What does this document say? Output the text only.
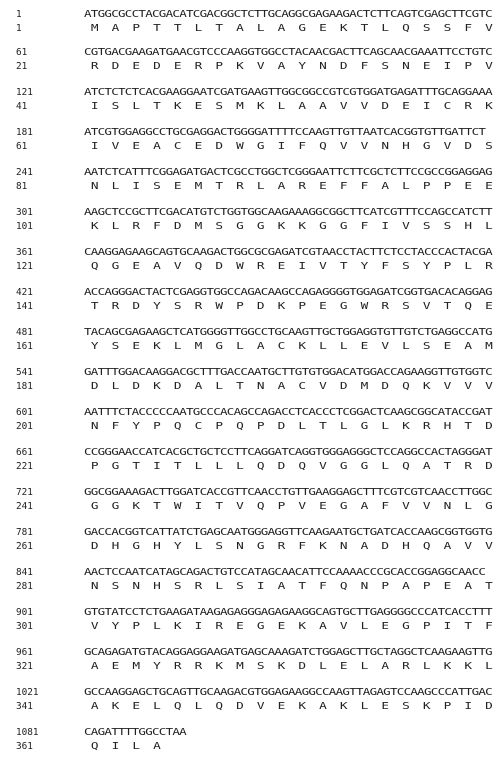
1	ATGGCGCCTACGACATCGACGGCTCTTGCAGGCGAGAAGACTCTTCAGTCGAGCTTCGTC
1	M  A  P  T  T  L  T  A  L  A  G  E  K  T  L  Q  S  S  F  V
61	CGTGACGAAGATGAACGTCCCAAGGTGGCCTACAACGACTTCAGCAACGAAATTCCTGTC
21	R  D  E  D  E  R  P  K  V  A  Y  N  D  F  S  N  E  I  P  V
121	ATCTCTCTCACGAAGGAATCGATGAAGTTGGCGGCCGTCGTGGATGAGATTTGCAGGAAA
41	I  S  L  T  K  E  S  M  K  L  A  A  V  V  D  E  I  C  R  K
181	ATCGTGGAGGCCTGCGAGGACTGGGGATTTTCCAAGTTGTTAATCACGGTGTTGATTCT
61	I  V  E  A  C  E  D  W  G  I  F  Q  V  V  N  H  G  V  D  S
241	AATCTCATTTCGGAGATGACTCGCCTGGCTCGGGAATTCTTCGCTCTTCCGCCGGAGGAG
81	N  L  I  S  E  M  T  R  L  A  R  E  F  F  A  L  P  P  E  E
301	AAGCTCCGCTTCGACATGTCTGGTGGCAAGAAAGGCGGCTTCATCGTTTCCAGCCATCTT
101	K  L  R  F  D  M  S  G  G  K  K  G  G  F  I  V  S  S  H  L
361	CAAGGAGAAGCAGTGCAAGACTGGCGCGAGATCGTAACCTACTTCTCCTACCCACTACGA
121	Q  G  E  A  V  Q  D  W  R  E  I  V  T  Y  F  S  Y  P  L  R
421	ACCAGGGACTACTCGAGGTGGCCAGACAAGCCAGAGGGGTGGAGATCGGTGACACAGGAG
141	T  R  D  Y  S  R  W  P  D  K  P  E  G  W  R  S  V  T  Q  E
481	TACAGCGAGAAGCTCATGGGGTTGGCCTGCAAGTTGCTGGAGGTGTTGTCTGAGGCCATG
161	Y  S  E  K  L  M  G  L  A  C  K  L  L  E  V  L  S  E  A  M
541	GATTTGGACAAGGACGCTTTGACCAATGCTTGTGTGGACATGGACCAGAAGGTTGTGGTC
181	D  L  D  K  D  A  L  T  N  A  C  V  D  M  D  Q  K  V  V  V
601	AATTTCTACCCCCAATGCCCACAGCCAGACCTCACCCTCGGACTCAAGCGGCATACCGAT
201	N  F  Y  P  Q  C  P  Q  P  D  L  T  L  G  L  K  R  H  T  D
661	CCGGGAACCATCACGCTGCTCCTTCAGGATCAGGTGGGAGGGCTCCAGGCCACTAGGGAT
221	P  G  T  I  T  L  L  L  Q  D  Q  V  G  G  L  Q  A  T  R  D
721	GGCGGAAAGACTTGGATCACCGTTCAACCTGTTGAAGGAGCTTTCGTCGTCAACCTTGGC
241	G  G  K  T  W  I  T  V  Q  P  V  E  G  A  F  V  V  N  L  G
781	GACCACGGTCATTATCTGAGCAATGGGAGGTTCAAGAATGCTGATCACCAAGCGGTGGTG
261	D  H  G  H  Y  L  S  N  G  R  F  K  N  A  D  H  Q  A  V  V
841	AACTCCAATCATAGCAGACTGTCCATAGCAACATTCCAAAACCCGCACCGGAGGCAACC
281	N  S  N  H  S  R  L  S  I  A  T  F  Q  N  P  A  P  E  A  T
901	GTGTATCCTCTGAAGATAAGAGAGGGAGAGAAGGCAGTGCTTGAGGGGCCCATCACCTTT
301	V  Y  P  L  K  I  R  E  G  E  K  A  V  L  E  G  P  I  T  F
961	GCAGAGATGTACAGGAGGAAGATGAGCAAAGATCTGGAGCTTGCTAGGCTCAAGAAGTTG
321	A  E  M  Y  R  R  K  M  S  K  D  L  E  L  A  R  L  K  K  L
1021	GCCAAGGAGCTGCAGTTGCAAGACGTGGAGAAGGCCAAGTTAGAGTCCAAGCCCATTGAC
341	A  K  E  L  Q  L  Q  D  V  E  K  A  K  L  E  S  K  P  I  D
1081	CAGATTTTGGCCTAA
361	Q  I  L  A
